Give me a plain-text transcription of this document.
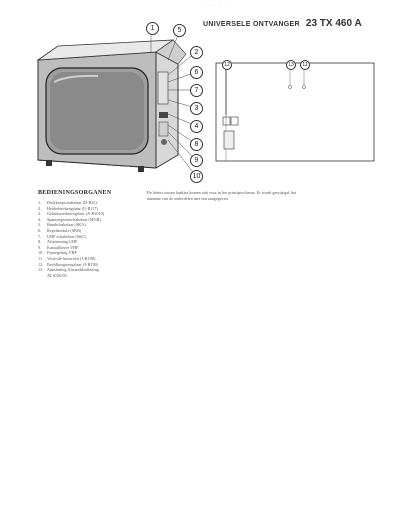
· · · · · ·
UNIVERSELE ONTVANGER 23 TX 460 A
1	5
2
6
7
3
4
8
9
10
12	13	11
BEDIENINGSORGANEN
1. Drukknopschakelaar (D-R45)
2. Helderheidsregelaar (U-R117)
3. Geluidssterkteregelaar (A-R1010)
4. Spanningsomschakelaar (MGB)
5. Bandschakelaar (SKA)
6. Regelmodule (SKB)
7. UHF-schakelaar (SKC)
8. Afstemming UHF
9. Kanaalkiezer VHF
10. Fijnregeling VHF
11. Verticale linearitéit (3-R198)
12. Beeldhoogteregelaar (3-R199)
13. Aansluiting Afstandsbediening
AT 6530/05
De letters tussen haakjes komen ook voor in het principeschema. Er wordt gewijzigd, het nummer van de onderdelen met een aangegeven.
